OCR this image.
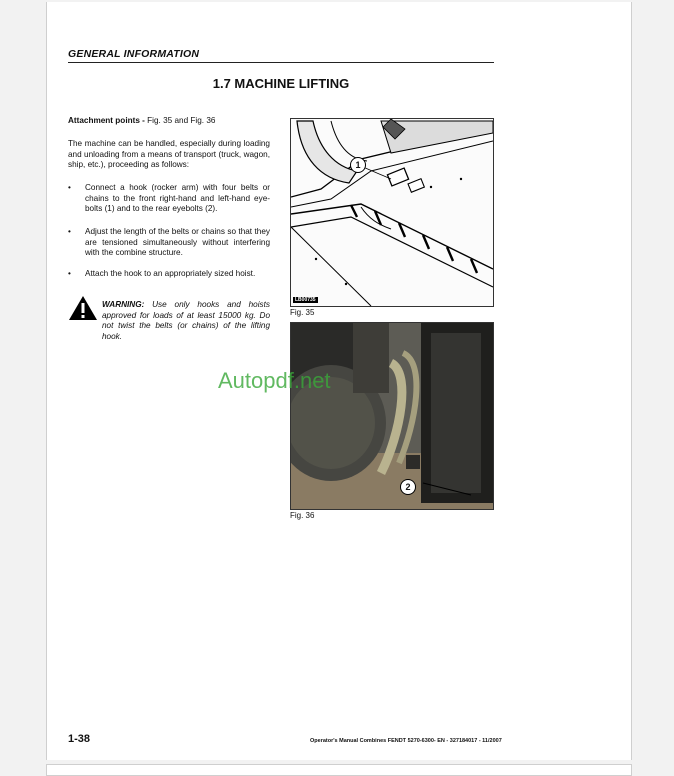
GENERAL INFORMATION
1.7 MACHINE LIFTING
Attachment points - Fig. 35 and Fig. 36
The machine can be handled, especially during loading and unloading from a means of transport (truck, wagon, ship, etc.), proceeding as follows:
• Connect a hook (rocker arm) with four belts or chains to the front right-hand and left-hand eye-bolts (1) and to the rear eyebolts (2).
• Adjust the length of the belts or chains so that they are tensioned simultaneously without interfering with the combine structure.
• Attach the hook to an appropriately sized hoist.
WARNING: Use only hooks and hoists approved for loads of at least 15000 kg. Do not twist the belts (or chains) of the lifting hook.
1
LB00735
Fig. 35
2
Fig. 36
Autopdf.net
1-38	Operator's Manual Combines FENDT 5270-6300- EN - 327184017 - 11/2007
